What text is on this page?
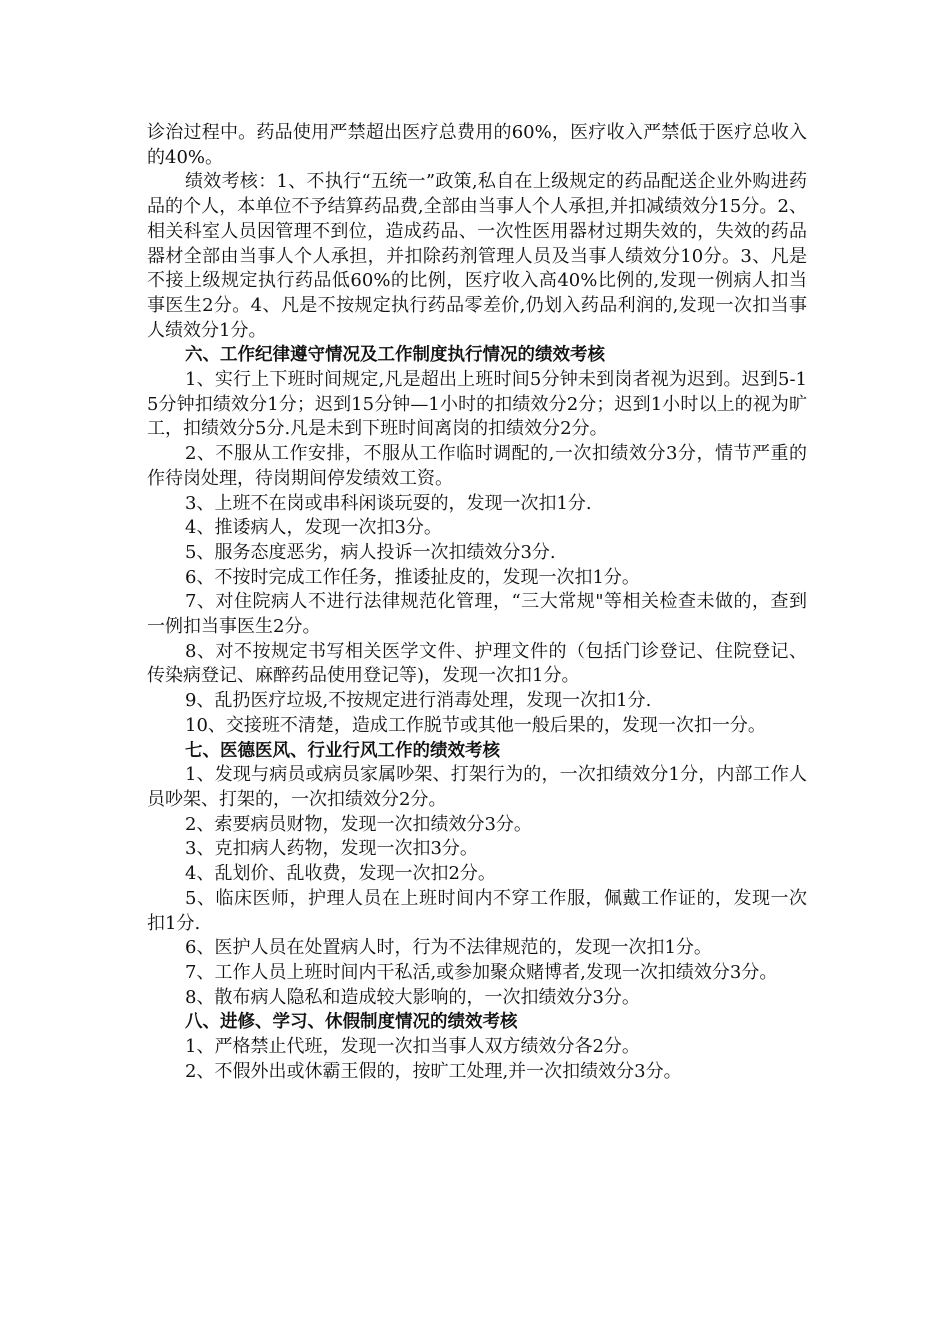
诊治过程中。药品使用严禁超出医疗总费用的60%，医疗收入严禁低于医疗总收入的40%。

绩效考核：1、不执行“五统一”政策,私自在上级规定的药品配送企业外购进药品的个人，本单位不予结算药品费,全部由当事人个人承担,并扣减绩效分15分。2、相关科室人员因管理不到位，造成药品、一次性医用器材过期失效的，失效的药品器材全部由当事人个人承担，并扣除药剂管理人员及当事人绩效分10分。3、凡是不接上级规定执行药品低60%的比例，医疗收入高40%比例的,发现一例病人扣当事医生2分。4、凡是不按规定执行药品零差价,仍划入药品利润的,发现一次扣当事人绩效分1分。

六、工作纪律遵守情况及工作制度执行情况的绩效考核

1、实行上下班时间规定,凡是超出上班时间5分钟未到岗者视为迟到。迟到5-15分钟扣绩效分1分；迟到15分钟—1小时的扣绩效分2分；迟到1小时以上的视为旷工，扣绩效分5分.凡是未到下班时间离岗的扣绩效分2分。

2、不服从工作安排，不服从工作临时调配的,一次扣绩效分3分，情节严重的作待岗处理，待岗期间停发绩效工资。

3、上班不在岗或串科闲谈玩耍的，发现一次扣1分.

4、推诿病人，发现一次扣3分。

5、服务态度恶劣，病人投诉一次扣绩效分3分.

6、不按时完成工作任务，推诿扯皮的，发现一次扣1分。

7、对住院病人不进行法律规范化管理，“三大常规"等相关检查未做的，查到一例扣当事医生2分。

8、对不按规定书写相关医学文件、护理文件的（包括门诊登记、住院登记、传染病登记、麻醉药品使用登记等)，发现一次扣1分。

9、乱扔医疗垃圾,不按规定进行消毒处理，发现一次扣1分.

10、交接班不清楚，造成工作脱节或其他一般后果的，发现一次扣一分。

七、医德医风、行业行风工作的绩效考核

1、发现与病员或病员家属吵架、打架行为的，一次扣绩效分1分，内部工作人员吵架、打架的，一次扣绩效分2分。

2、索要病员财物，发现一次扣绩效分3分。

3、克扣病人药物，发现一次扣3分。

4、乱划价、乱收费，发现一次扣2分。

5、临床医师，护理人员在上班时间内不穿工作服，佩戴工作证的，发现一次扣1分.

6、医护人员在处置病人时，行为不法律规范的，发现一次扣1分。

7、工作人员上班时间内干私活,或参加聚众赌博者,发现一次扣绩效分3分。

8、散布病人隐私和造成较大影响的，一次扣绩效分3分。

八、进修、学习、休假制度情况的绩效考核

1、严格禁止代班，发现一次扣当事人双方绩效分各2分。

2、不假外出或休霸王假的，按旷工处理,并一次扣绩效分3分。
